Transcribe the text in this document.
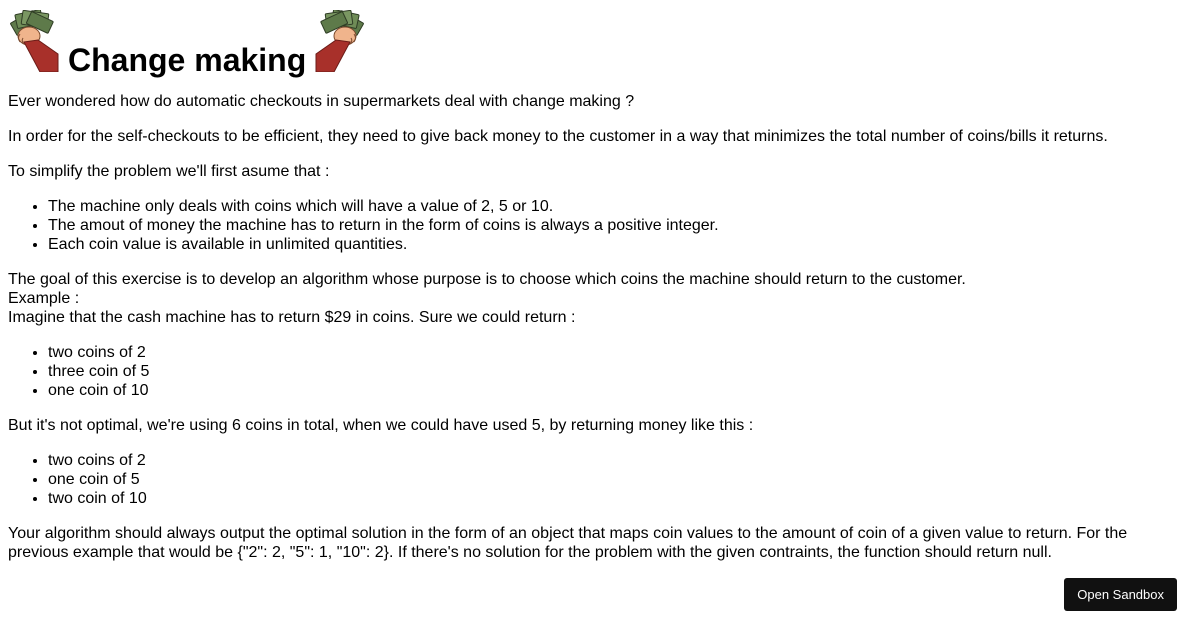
Change making

Ever wondered how do automatic checkouts in supermarkets deal with change making ?

In order for the self-checkouts to be efficient, they need to give back money to the customer in a way that minimizes the total number of coins/bills it returns.

To simplify the problem we'll first asume that :

• The machine only deals with coins which will have a value of 2, 5 or 10.
• The amout of money the machine has to return in the form of coins is always a positive integer.
• Each coin value is available in unlimited quantities.

The goal of this exercise is to develop an algorithm whose purpose is to choose which coins the machine should return to the customer.

Example :

Imagine that the cash machine has to return $29 in coins. Sure we could return :

• two coins of 2
• three coin of 5
• one coin of 10

But it's not optimal, we're using 6 coins in total, when we could have used 5, by returning money like this :

• two coins of 2
• one coin of 5
• two coin of 10

Your algorithm should always output the optimal solution in the form of an object that maps coin values to the amount of coin of a given value to return. For the previous example that would be {"2": 2, "5": 1, "10": 2}. If there's no solution for the problem with the given contraints, the function should return null.

Open Sandbox
